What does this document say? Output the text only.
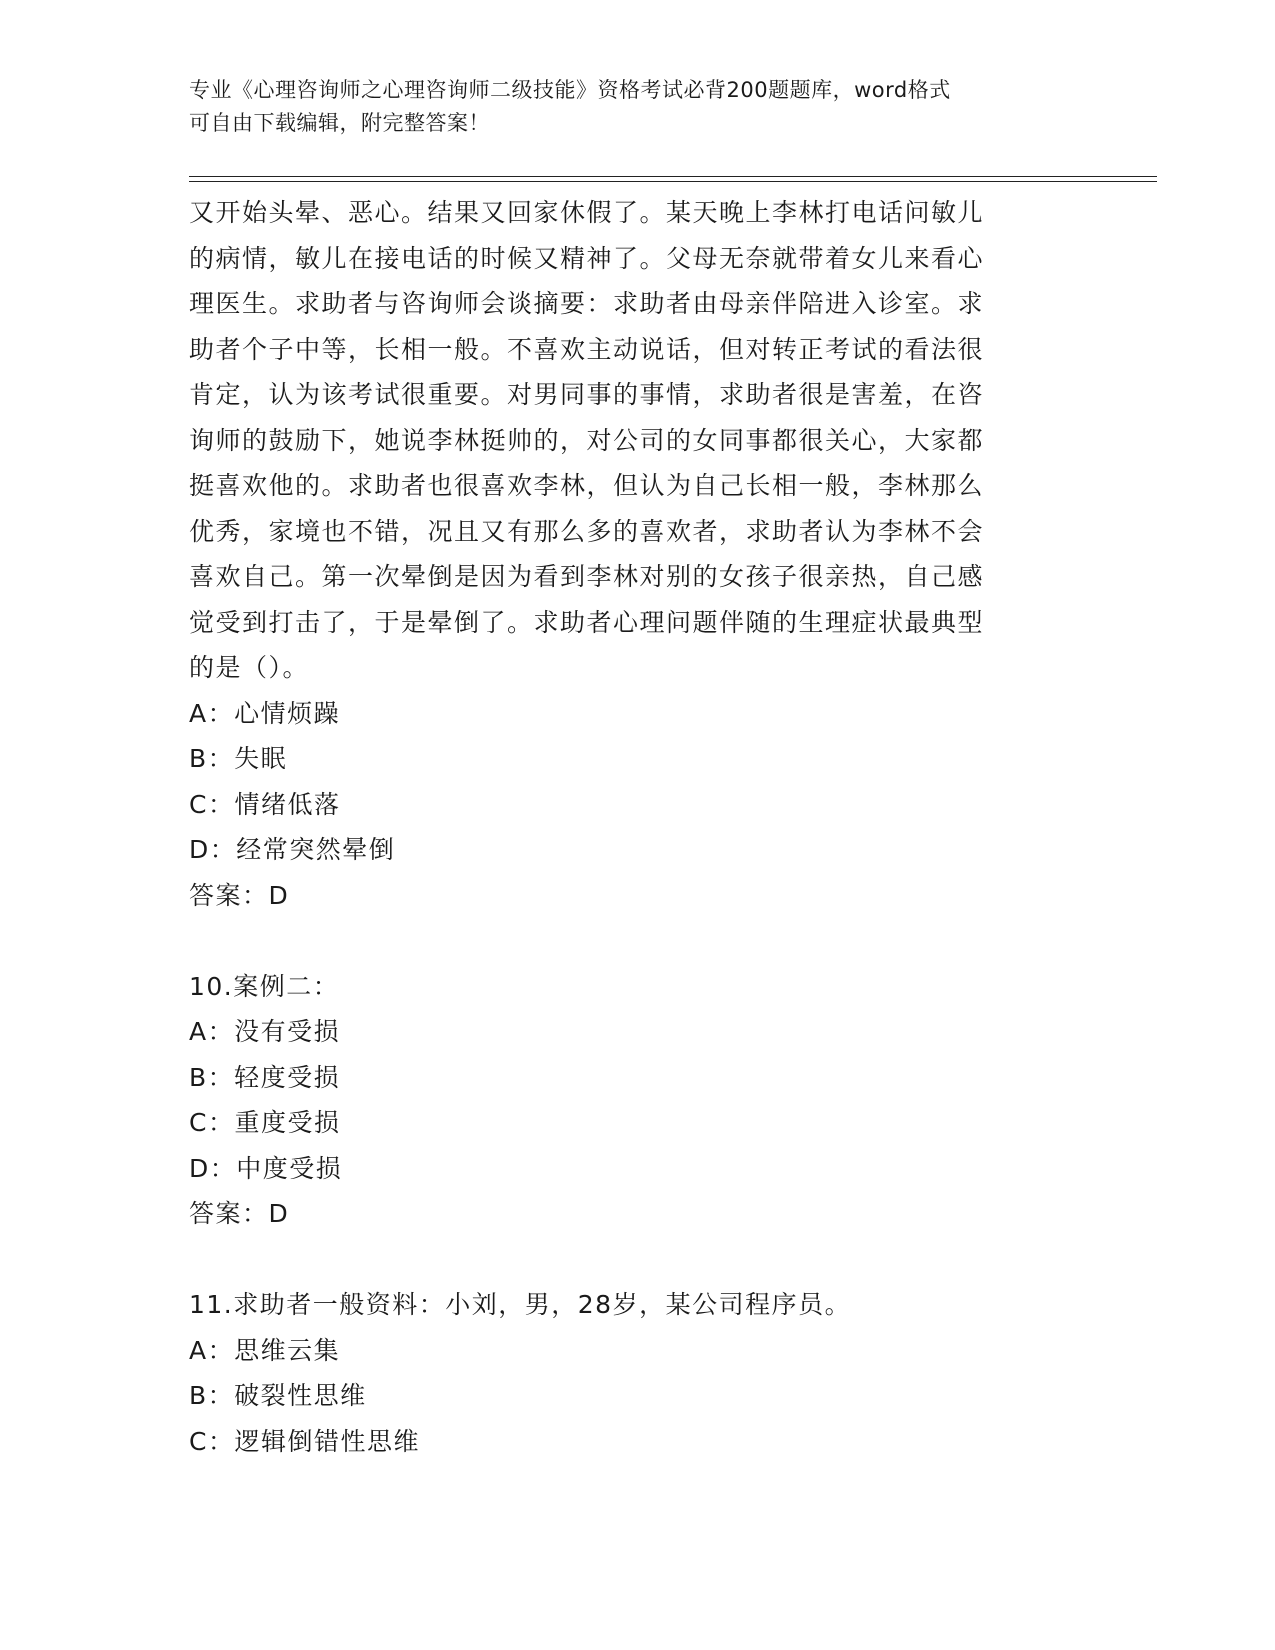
专业《心理咨询师之心理咨询师二级技能》资格考试必背200题题库，word格式
可自由下载编辑，附完整答案！
又开始头晕、恶心。结果又回家休假了。某天晚上李林打电话问敏儿
的病情，敏儿在接电话的时候又精神了。父母无奈就带着女儿来看心
理医生。求助者与咨询师会谈摘要：求助者由母亲伴陪进入诊室。求
助者个子中等，长相一般。不喜欢主动说话，但对转正考试的看法很
肯定，认为该考试很重要。对男同事的事情，求助者很是害羞，在咨
询师的鼓励下，她说李林挺帅的，对公司的女同事都很关心，大家都
挺喜欢他的。求助者也很喜欢李林，但认为自己长相一般，李林那么
优秀，家境也不错，况且又有那么多的喜欢者，求助者认为李林不会
喜欢自己。第一次晕倒是因为看到李林对别的女孩子很亲热，自己感
觉受到打击了，于是晕倒了。求助者心理问题伴随的生理症状最典型
的是（）。
A：心情烦躁
B：失眠
C：情绪低落
D：经常突然晕倒
答案：D
10.案例二：
A：没有受损
B：轻度受损
C：重度受损
D：中度受损
答案：D
11.求助者一般资料：小刘，男，28岁，某公司程序员。
A：思维云集
B：破裂性思维
C：逻辑倒错性思维
